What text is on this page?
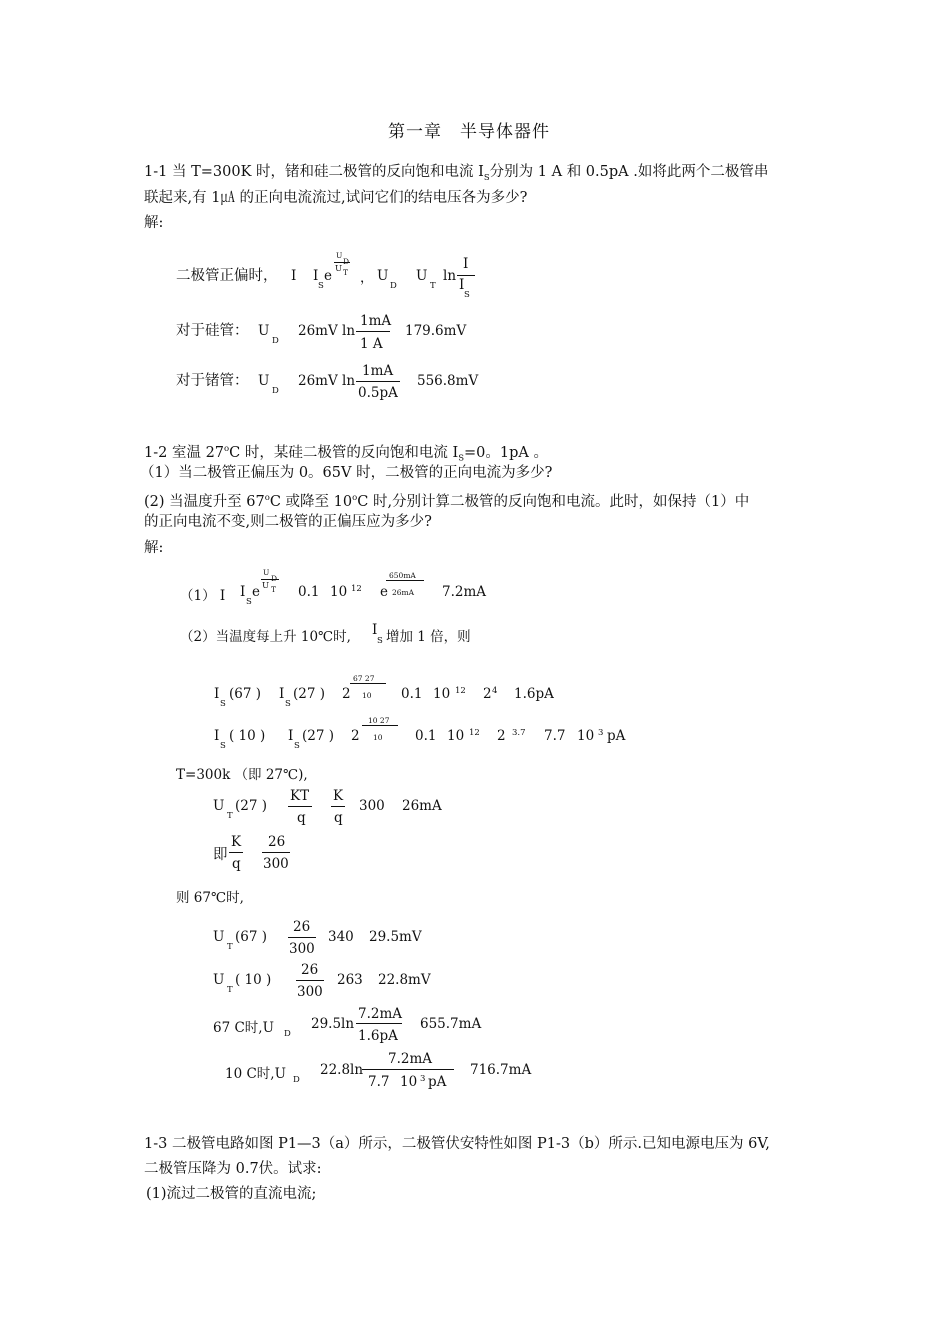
第一章　半导体器件
1-1 当 T=300K 时，锗和硅二极管的反向饱和电流 $I_S$分别为 1 A 和 0.5pA .如将此两个二极管串
联起来,有 1㎂ 的正向电流流过,试问它们的结电压各为多少?
解:
二极管正偏时， I I
S
e
U
D
U T ， U
D
U
T
ln
I
I
S
对于硅管： U
D
26mV ln
1mA
1 A
179.6mV
对于锗管： U
D
26mV ln
1mA
0.5pA
556.8mV
1-2 室温 27$^o$C 时，某硅二极管的反向饱和电流 $I_S=0$。1pA 。
（1）当二极管正偏压为 0。65V 时，二极管的正向电流为多少?
(2) 当温度升至 67$^o$C 或降至 10$^o$C 时,分别计算二极管的反向饱和电流。此时，如保持（1）中
的正向电流不变,则二极管的正偏压应为多少?
解:
（1） I I
S
e
U
D
U T 0.1 10 12 e
650mA
26mA 7.2mA
（2）当温度每上升 10℃时, I
S 增加 1 倍，则
I
S
(67 ) I
S
(27 ) 2
67 27
10 0.1 10 12 2 4 1.6pA
I
S
( 10 ) I
S
(27 ) 2
10 27
10 0.1 10 12 2 3.7 7.7 10 3 pA
T=300k （即 27℃),
U
T
(27 )
KT
q
K
q
300 26mA
即
K
q
26
300
则 67℃时,
U
T
(67 )
26
300
340 29.5mV
U
T
( 10 )
26
300
263 22.8mV
67 C时,U D
29.5ln
7.2mA
1.6pA
655.7mA
10 C时,U D
22.8ln
7.2mA
7.7 10 3 pA
716.7mA
1-3 二极管电路如图 P1—3（a）所示，二极管伏安特性如图 P1-3（b）所示.已知电源电压为 6V,
二极管压降为 0.7伏。试求:
(1)流过二极管的直流电流;
